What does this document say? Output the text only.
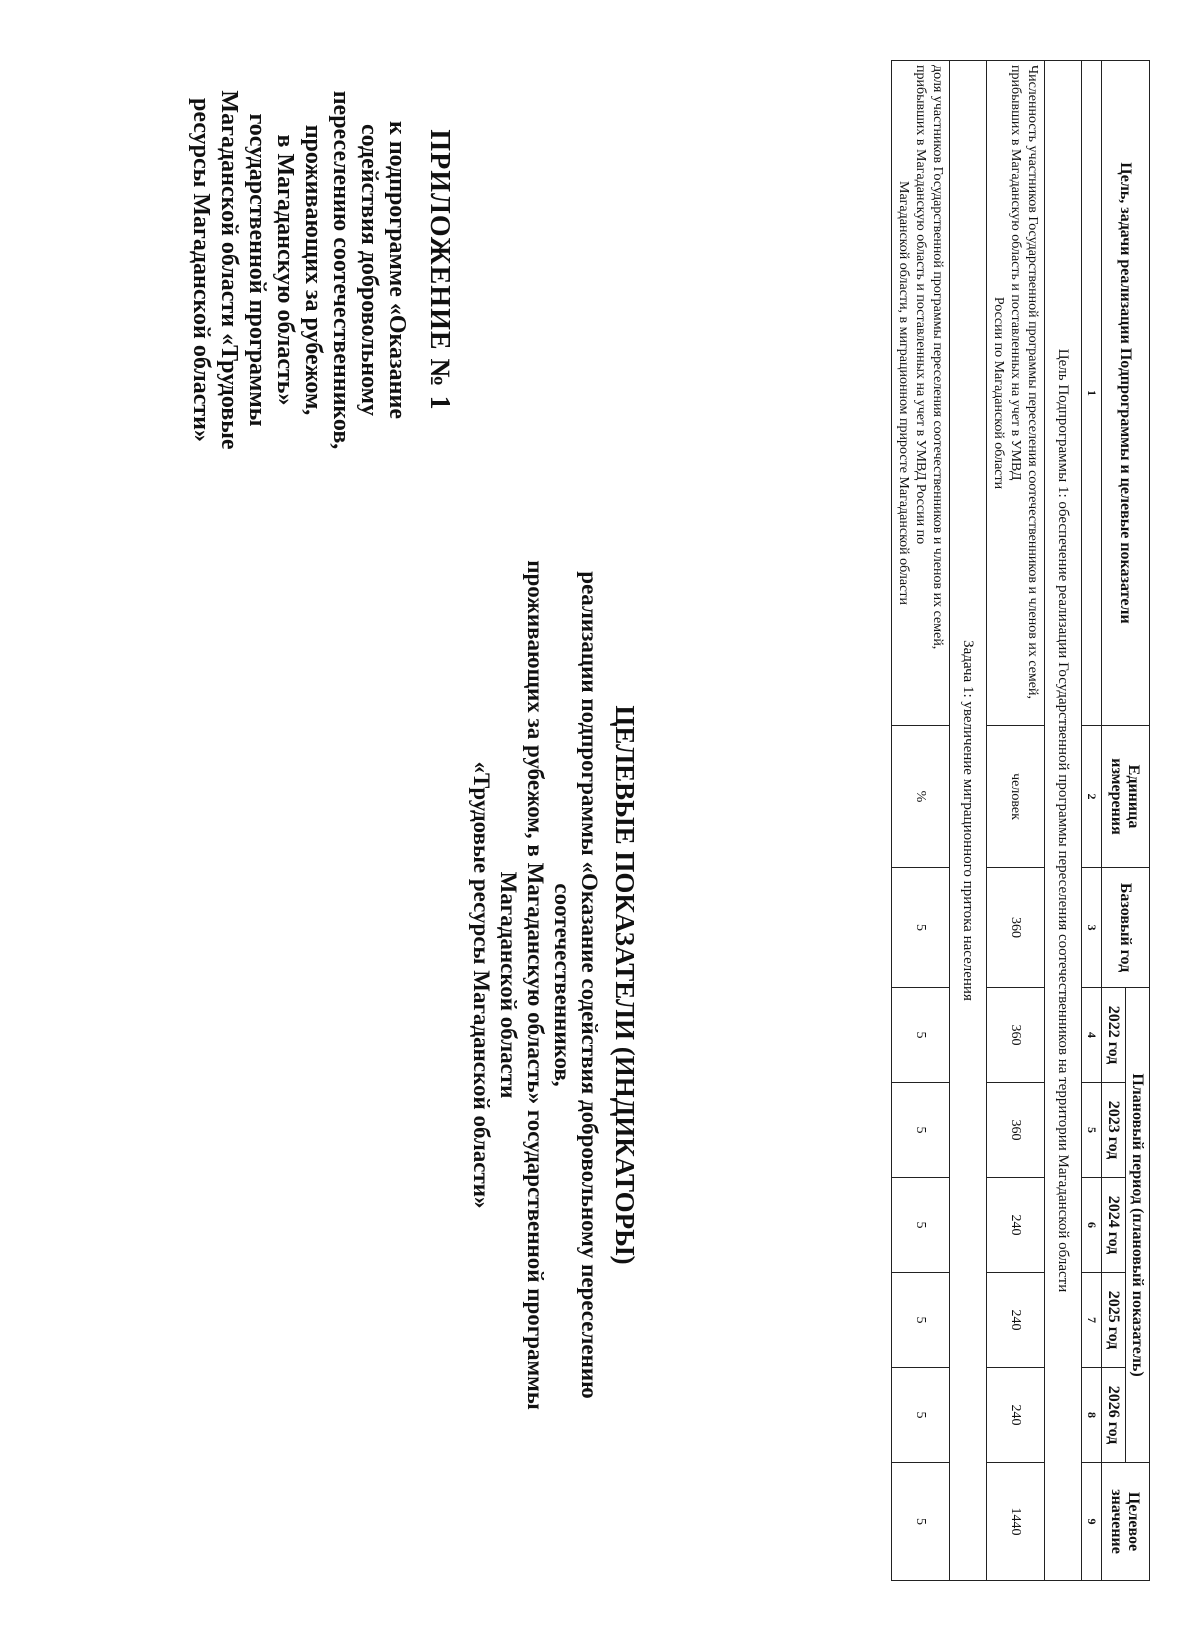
ПРИЛОЖЕНИЕ № 1
к подпрограмме «Оказание
содействия добровольному
переселению соотечественников,
проживающих за рубежом,
в Магаданскую область»
государственной программы
Магаданской области «Трудовые
ресурсы Магаданской области»
ЦЕЛЕВЫЕ ПОКАЗАТЕЛИ (ИНДИКАТОРЫ)
реализации подпрограммы «Оказание содействия добровольному переселению соотечественников,
проживающих за рубежом, в Магаданскую область» государственной программы Магаданской области
«Трудовые ресурсы Магаданской области»
Цель, задачи реализации Подпрограммы и целевые показатели	Единица измерения	Базовый год	Плановый период (плановый показатель)					Целевое значение
			2022 год	2023 год	2024 год	2025 год	2026 год	
1	2	3	4	5	6	7	8	9
Цель Подпрограммы 1: обеспечение реализации Государственной программы переселения соотечественников на территории Магаданской области								
Численность участников Государственной программы переселения соотечественников и членов их семей, прибывших в Магаданскую область и поставленных на учет в УМВД
России по Магаданской области	человек	360	360	360	240	240	240	1440
Задача 1: увеличение миграционного притока населения								
доля участников Государственной программы переселения соотечественников и членов их семей, прибывших в Магаданскую область и поставленных на учет в УМВД России по
Магаданской области, в миграционном приросте Магаданской области	%	5	5	5	5	5	5	5
